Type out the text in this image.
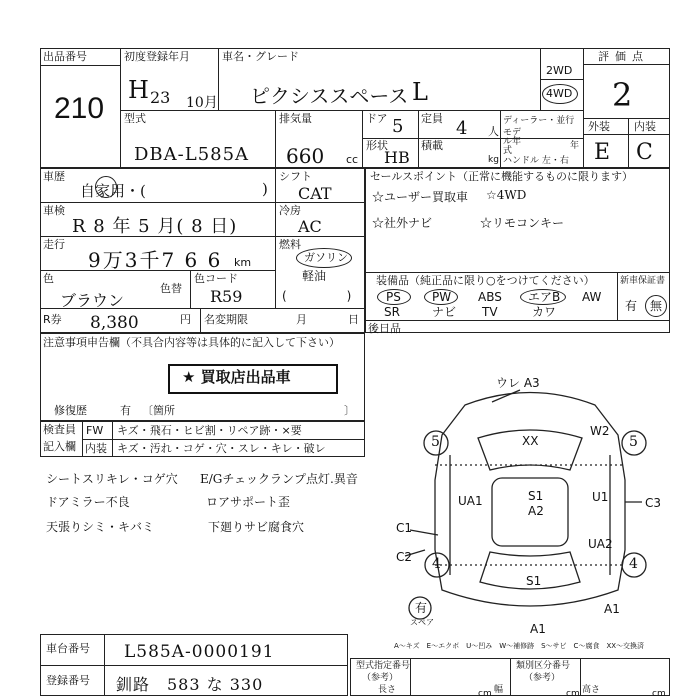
出品番号
210
初度登録年月
H 23 10月
車名・グレード
ピクシススペース L
2WD
4WD
評価点
2
外装 内装
E C
型式
DBA-L585A
排気量
660 cc
ドア 5 定員 4 人
形状
HB
積載
kg
ディーラー・並行
モデル年式	年
ハンドル 左・右
車歴
自家用・(	)
車検
R 8 年 5 月( 8 日)
走行
9万3千7 6 6 km
色
ブラウン
色替
色コード
R59
シフト
CAT
冷房
AC
燃料
ガソリン
軽油
(　　　　　)
R券 8,380	円 名変期限	月	日
セールスポイント（正常に機能するものに限ります）
☆ユーザー買取車 ☆4WD
☆社外ナビ	☆リモコンキー
装備品（純正品に限り○をつけてください）
PS	PW ABS エアB AW
SR	ナビ TV	カワ
新車保証書
有 無
後日品
注意事項申告欄（不具合内容等は具体的に記入して下さい）
★ 買取店出品車
修復歴	有 〔箇所	〕
検査員
記入欄
FW
内装
キズ・飛石・ヒビ割・リペア跡・×要
キズ・汚れ・コゲ・穴・スレ・キレ・破レ
シートスリキレ・コゲ穴 E/Gチェックランプ点灯.異音
ドアミラー不良	ロアサポート歪
天張りシミ・キバミ	下廻りサビ腐食穴
ウレ A3
XX
W2
S1
A2
UA1	U1	C3
C1
C2
UA2
S1
A1
A1
有
スペア
5	5
4	4
A～キズ　E～エクボ　U～凹み　W～補修跡　S～サビ　C～腐食　XX～交換済
車台番号 L585A-0000191
登録番号 釧路　583 な 330
型式指定番号
（参考）
類別区分番号
（参考）
長さ	cm 幅	cm 高さ	cm
